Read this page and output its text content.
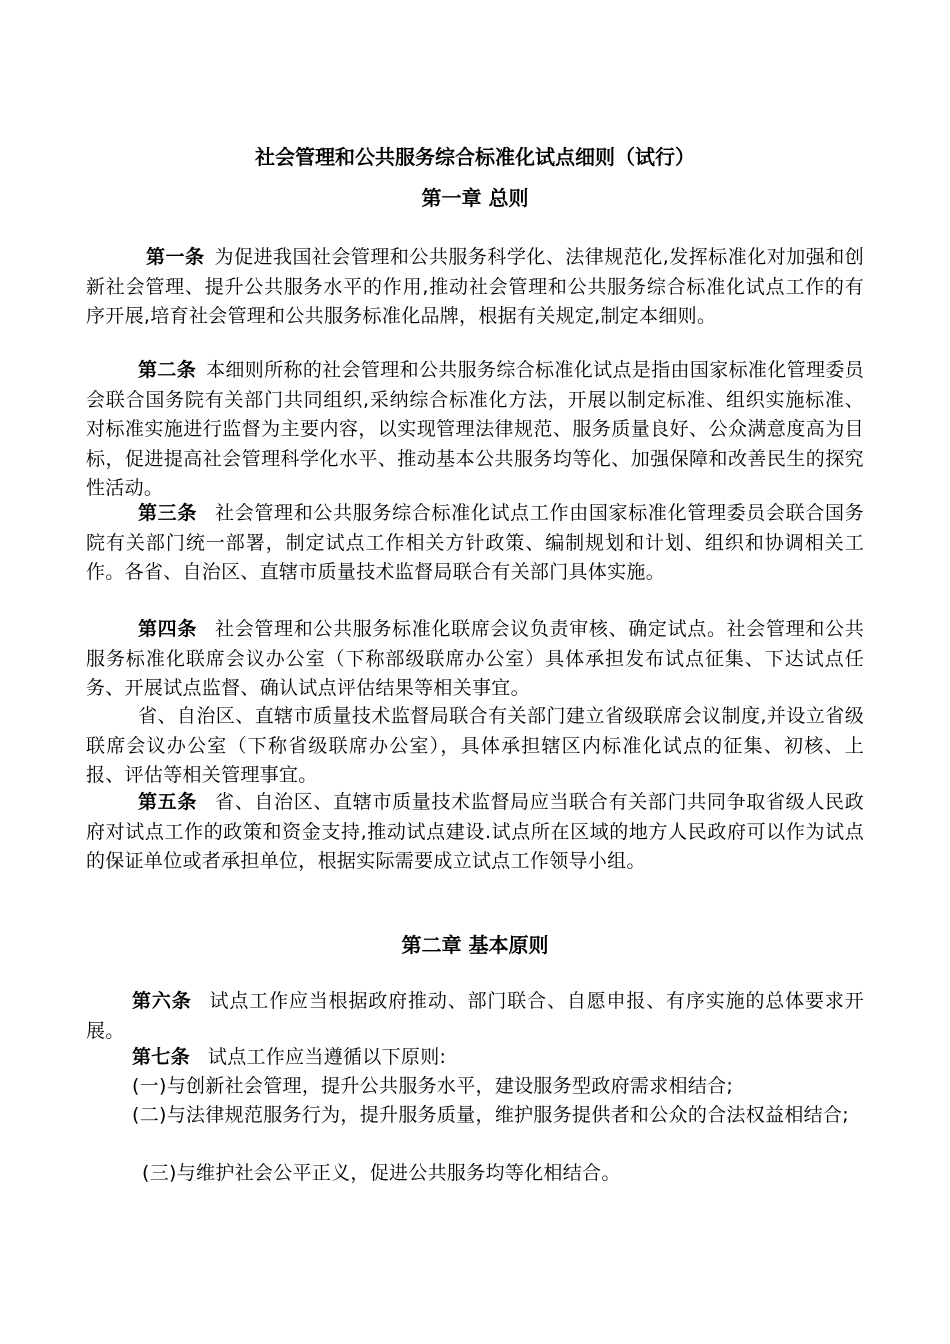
社会管理和公共服务综合标准化试点细则（试行）
第一章 总则

第一条 为促进我国社会管理和公共服务科学化、法律规范化,发挥标准化对加强和创新社会管理、提升公共服务水平的作用,推动社会管理和公共服务综合标准化试点工作的有序开展,培育社会管理和公共服务标准化品牌，根据有关规定,制定本细则。

第二条 本细则所称的社会管理和公共服务综合标准化试点是指由国家标准化管理委员会联合国务院有关部门共同组织,采纳综合标准化方法，开展以制定标准、组织实施标准、对标准实施进行监督为主要内容，以实现管理法律规范、服务质量良好、公众满意度高为目标，促进提高社会管理科学化水平、推动基本公共服务均等化、加强保障和改善民生的探究性活动。

第三条 社会管理和公共服务综合标准化试点工作由国家标准化管理委员会联合国务院有关部门统一部署，制定试点工作相关方针政策、编制规划和计划、组织和协调相关工作。各省、自治区、直辖市质量技术监督局联合有关部门具体实施。

第四条 社会管理和公共服务标准化联席会议负责审核、确定试点。社会管理和公共服务标准化联席会议办公室（下称部级联席办公室）具体承担发布试点征集、下达试点任务、开展试点监督、确认试点评估结果等相关事宜。

省、自治区、直辖市质量技术监督局联合有关部门建立省级联席会议制度,并设立省级联席会议办公室（下称省级联席办公室），具体承担辖区内标准化试点的征集、初核、上报、评估等相关管理事宜。

第五条 省、自治区、直辖市质量技术监督局应当联合有关部门共同争取省级人民政府对试点工作的政策和资金支持,推动试点建设.试点所在区域的地方人民政府可以作为试点的保证单位或者承担单位，根据实际需要成立试点工作领导小组。

第二章 基本原则

第六条 试点工作应当根据政府推动、部门联合、自愿申报、有序实施的总体要求开展。

第七条 试点工作应当遵循以下原则:

(一)与创新社会管理，提升公共服务水平，建设服务型政府需求相结合;

(二)与法律规范服务行为，提升服务质量，维护服务提供者和公众的合法权益相结合;

(三)与维护社会公平正义，促进公共服务均等化相结合。
